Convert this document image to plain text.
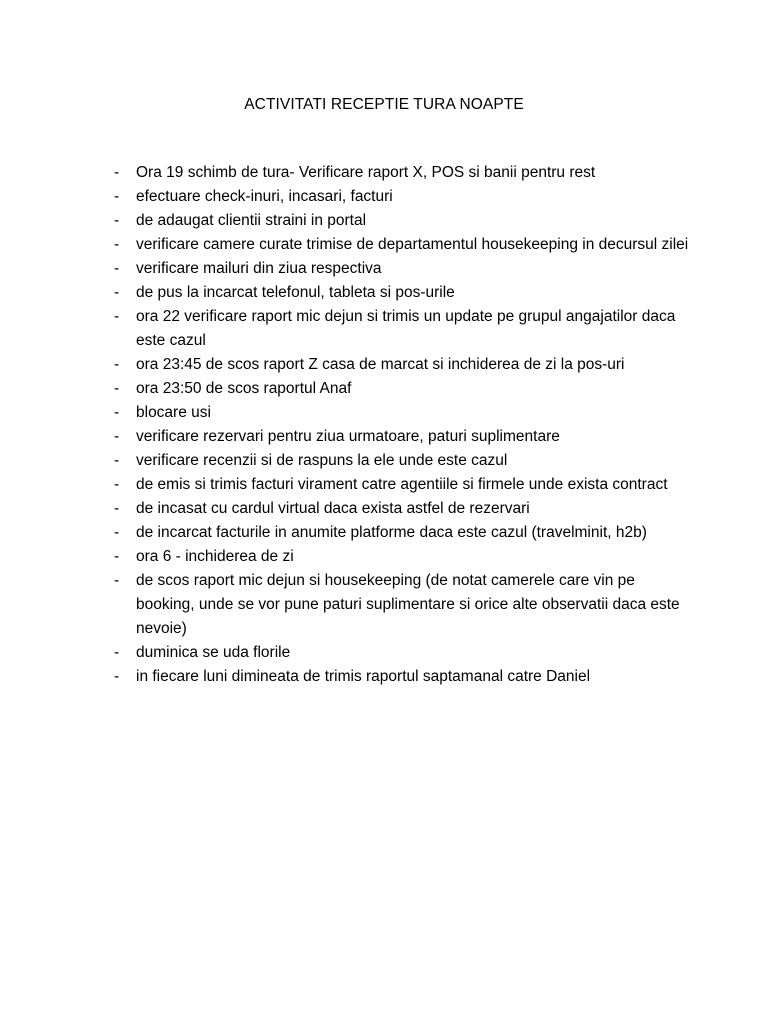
ACTIVITATI RECEPTIE TURA NOAPTE
- Ora 19 schimb de tura- Verificare raport X, POS si banii pentru rest
- efectuare check-inuri, incasari, facturi
- de adaugat clientii straini in portal
- verificare camere curate trimise de departamentul housekeeping in decursul zilei
- verificare mailuri din ziua respectiva
- de pus la incarcat telefonul, tableta si pos-urile
- ora 22 verificare raport mic dejun si trimis un update pe grupul angajatilor daca este cazul
- ora 23:45 de scos raport Z casa de marcat si inchiderea de zi la pos-uri
- ora 23:50 de scos raportul Anaf
- blocare usi
- verificare rezervari pentru ziua urmatoare, paturi suplimentare
- verificare recenzii si de raspuns la ele unde este cazul
- de emis si trimis facturi virament catre agentiile si firmele unde exista contract
- de incasat cu cardul virtual daca exista astfel de rezervari
- de incarcat facturile in anumite platforme daca este cazul (travelminit, h2b)
- ora 6 - inchiderea de zi
- de scos raport mic dejun si housekeeping (de notat camerele care vin pe booking, unde se vor pune paturi suplimentare si orice alte observatii daca este nevoie)
- duminica se uda florile
- in fiecare luni dimineata de trimis raportul saptamanal catre Daniel
